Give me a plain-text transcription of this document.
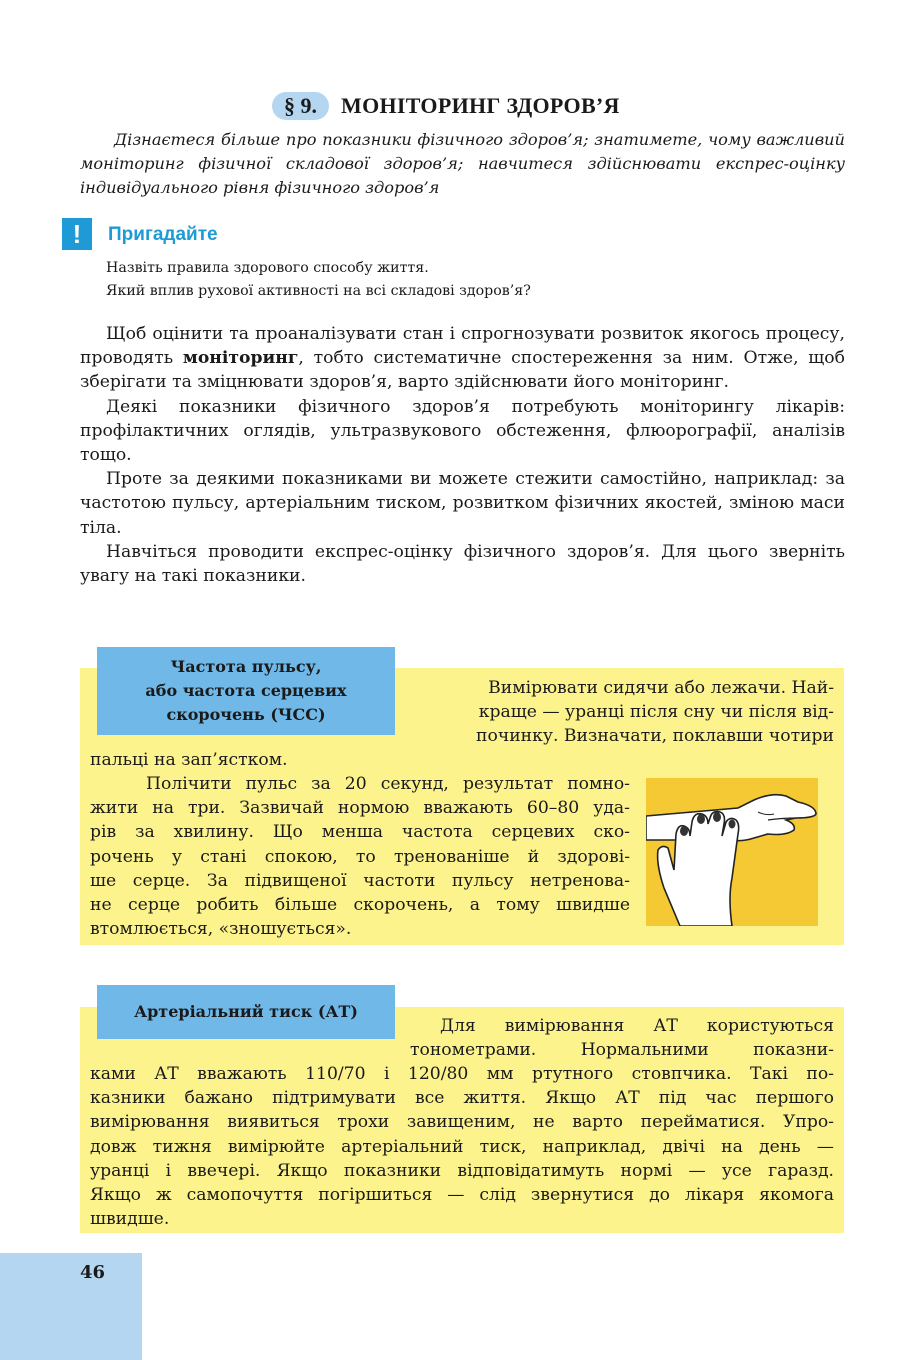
§ 9.	МОНІТОРИНГ ЗДОРОВ’Я
Дізнаєтеся більше про показники фізичного здоров’я; знатимете, чому важливий моніторинг фізичної складової здоров’я; навчитеся здійснювати експрес-оцінку індивідуального рівня фізичного здоров’я
!	Пригадайте
Назвіть правила здорового способу життя.
Який вплив рухової активності на всі складові здоров’я?

Щоб оцінити та проаналізувати стан і спрогнозувати розвиток якогось процесу, проводять моніторинг, тобто систематичне спостереження за ним. Отже, щоб зберігати та зміцнювати здоров’я, варто здійснювати його моніторинг.

Деякі показники фізичного здоров’я потребують моніторингу лікарів: профілактичних оглядів, ультразвукового обстеження, флюорографії, аналізів тощо.

Проте за деякими показниками ви можете стежити самостійно, наприклад: за частотою пульсу, артеріальним тиском, розвитком фізичних якостей, зміною маси тіла.

Навчіться проводити експрес-оцінку фізичного здоров’я. Для цього зверніть увагу на такі показники.

Частота пульсу,
або частота серцевих
скорочень (ЧСС)
Вимірювати сидячи або лежачи. Най-
краще — уранці після сну чи після від-
починку. Визначати, поклавши чотири
пальці на зап’ястком.
Полічити пульс за 20 секунд, результат помно-
жити на три. Зазвичай нормою вважають 60–80 уда-
рів за хвилину. Що менша частота серцевих ско-
рочень у стані спокою, то тренованіше й здорові-
ше серце. За підвищеної частоти пульсу нетренова-
не серце робить більше скорочень, а тому швидше
втомлюється, «зношується».
Артеріальний тиск (АТ)
Для вимірювання АТ користуються
тонометрами. Нормальними показни-
ками АТ вважають 110/70 і 120/80 мм ртутного стовпчика. Такі по-
казники бажано підтримувати все життя. Якщо АТ під час першого
вимірювання виявиться трохи завищеним, не варто перейматися. Упро-
довж тижня вимірюйте артеріальний тиск, наприклад, двічі на день —
уранці і ввечері. Якщо показники відповідатимуть нормі — усе гаразд.
Якщо ж самопочуття погіршиться — слід звернутися до лікаря якомога
швидше.
46
